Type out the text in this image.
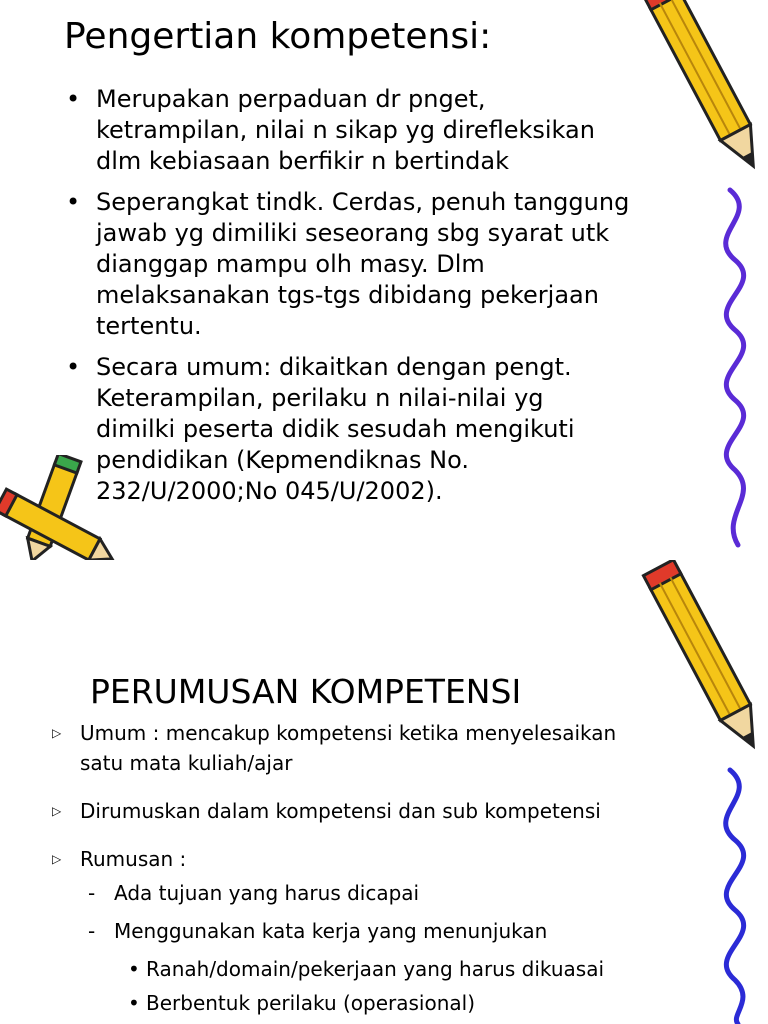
Pengertian kompetensi:
• Merupakan perpaduan dr pnget,
ketrampilan, nilai n sikap yg direfleksikan
dlm kebiasaan berfikir n bertindak
• Seperangkat tindk. Cerdas, penuh tanggung
jawab yg dimiliki seseorang sbg syarat utk
dianggap mampu olh masy. Dlm
melaksanakan tgs-tgs dibidang pekerjaan
tertentu.
• Secara umum: dikaitkan dengan pengt.
Keterampilan, perilaku n nilai-nilai yg
dimilki peserta didik sesudah mengikuti
pendidikan (Kepmendiknas No.
232/U/2000;No 045/U/2002).
PERUMUSAN KOMPETENSI
▷ Umum : mencakup kompetensi ketika menyelesaikan
satu mata kuliah/ajar
▷ Dirumuskan dalam kompetensi dan sub kompetensi
▷ Rumusan :
- Ada tujuan yang harus dicapai
- Menggunakan kata kerja yang menunjukan
• Ranah/domain/pekerjaan yang harus dikuasai
• Berbentuk perilaku (operasional)
